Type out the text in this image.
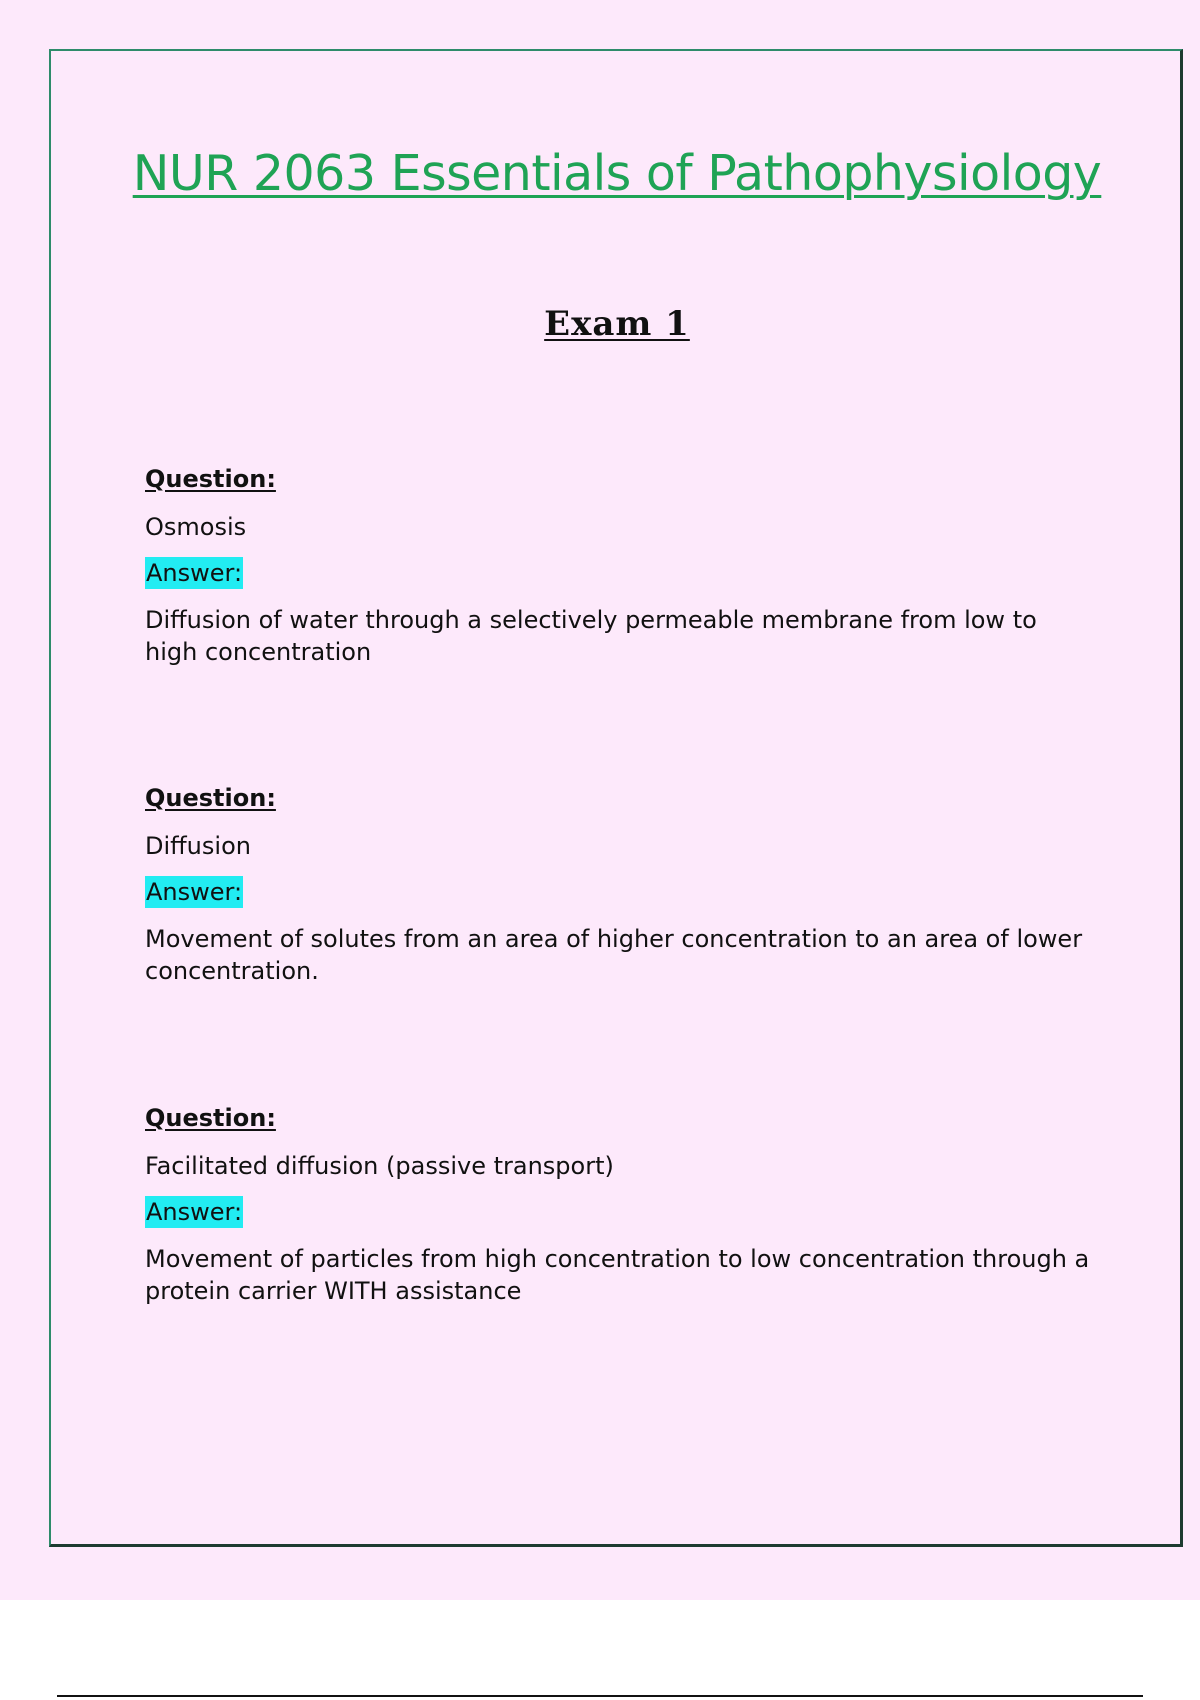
NUR 2063 Essentials of Pathophysiology
Exam 1
Question:
Osmosis
Answer:
Diffusion of water through a selectively permeable membrane from low to high concentration
Question:
Diffusion
Answer:
Movement of solutes from an area of higher concentration to an area of lower concentration.
Question:
Facilitated diffusion (passive transport)
Answer:
Movement of particles from high concentration to low concentration through a protein carrier WITH assistance
